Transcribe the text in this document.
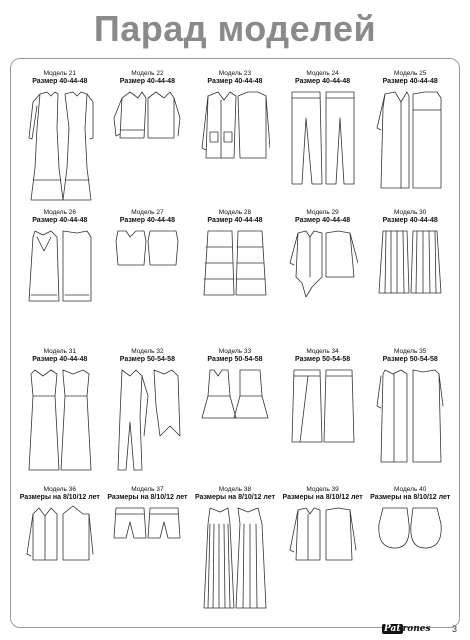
Парад моделей
Модель 21
Размер 40-44-48
Модель 22
Размер 40-44-48
Модель 23
Размер 40-44-48
Модель 24
Размер 40-44-48
Модель 25
Размер 40-44-48
Модель 26
Размер 40-44-48
Модель 27
Размер 40-44-48
Модель 28
Размер 40-44-48
Модель 29
Размер 40-44-48
Модель 30
Размер 40-44-48
Модель 31
Размер 40-44-48
Модель 32
Размер 50-54-58
Модель 33
Размер 50-54-58
Модель 34
Размер 50-54-58
Модель 35
Размер 50-54-58
Модель 36
Размеры на 8/10/12 лет
Модель 37
Размеры на 8/10/12 лет
Модель 38
Размеры на 8/10/12 лет
Модель 39
Размеры на 8/10/12 лет
Модель 40
Размеры на 8/10/12 лет
Pat rones 3
